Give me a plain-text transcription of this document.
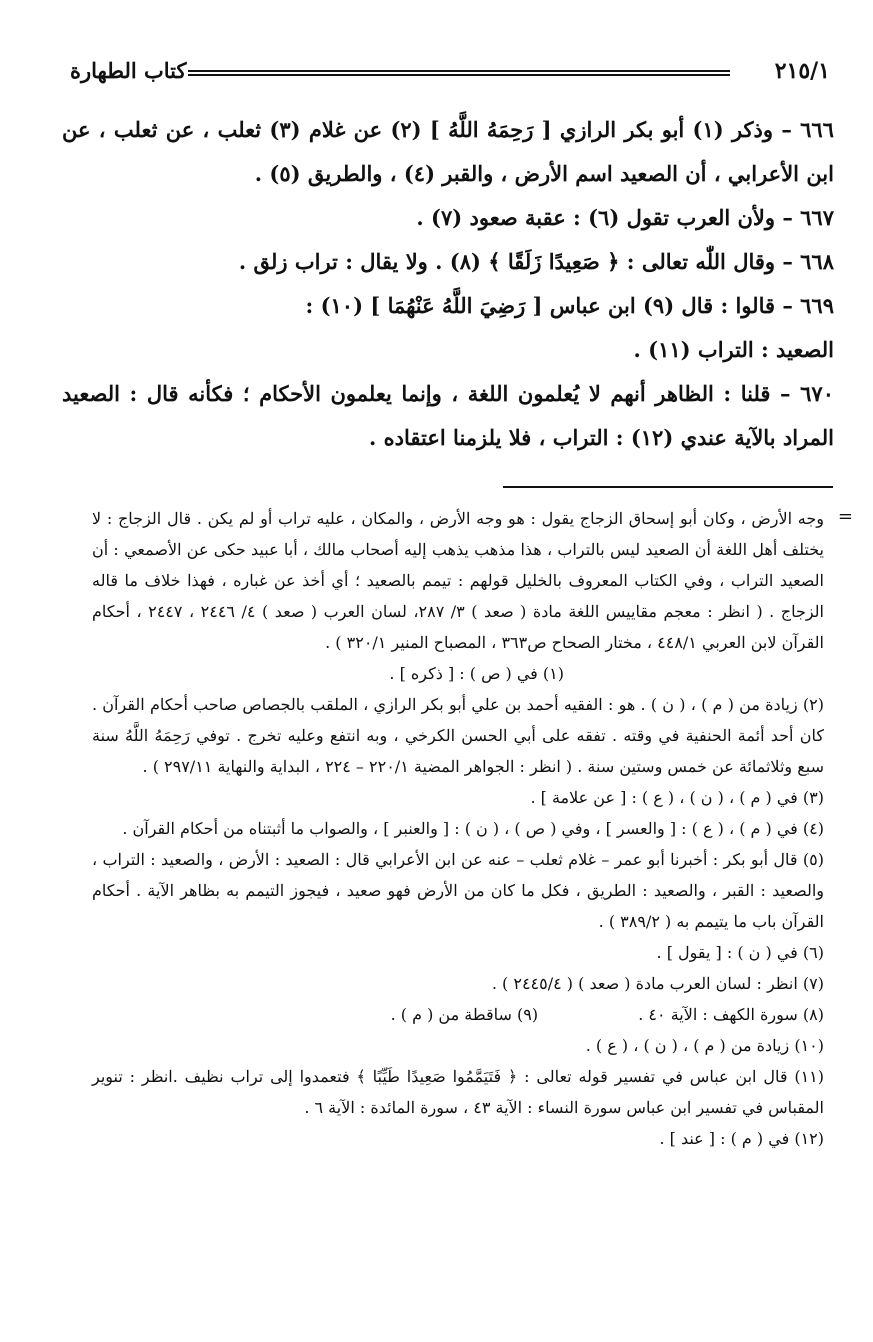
٢١٥/١
كتاب الطهارة

٦٦٦ – وذكر (١) أبو بكر الرازي [ رَحِمَهُ اللَّهُ ] (٢) عن غلام (٣) ثعلب ، عن ثعلب ، عن ابن الأعرابي ، أن الصعيد اسم الأرض ، والقبر (٤) ، والطريق (٥) .

٦٦٧ – ولأن العرب تقول (٦) : عقبة صعود (٧) .

٦٦٨ – وقال اللّٰه تعالى : ﴿ صَعِيدًا زَلَقًا ﴾ (٨) . ولا يقال : تراب زلق .

٦٦٩ – قالوا : قال (٩) ابن عباس [ رَضِيَ اللَّهُ عَنْهُمَا ] (١٠) :

الصعيد : التراب (١١) .

٦٧٠ – قلنا : الظاهر أنهم لا يُعلمون اللغة ، وإنما يعلمون الأحكام ؛ فكأنه قال : الصعيد المراد بالآية عندي (١٢) : التراب ، فلا يلزمنا اعتقاده .

=

وجه الأرض ، وكان أبو إسحاق الزجاج يقول : هو وجه الأرض ، والمكان ، عليه تراب أو لم يكن . قال الزجاج : لا يختلف أهل اللغة أن الصعيد ليس بالتراب ، هذا مذهب يذهب إليه أصحاب مالك ، أبا عبيد حكى عن الأصمعي : أن الصعيد التراب ، وفي الكتاب المعروف بالخليل قولهم : تيمم بالصعيد ؛ أي أخذ عن غباره ، فهذا خلاف ما قاله الزجاج . ( انظر : معجم مقاييس اللغة مادة ( صعد ) ٣/ ٢٨٧، لسان العرب ( صعد ) ٤/ ٢٤٤٦ ، ٢٤٤٧ ، أحكام القرآن لابن العربي ٤٤٨/١ ، مختار الصحاح ص٣٦٣ ، المصباح المنير ٣٢٠/١ ) .

(١) في ( ص ) : [ ذكره ] .

(٢) زيادة من ( م ) ، ( ن ) . هو : الفقيه أحمد بن علي أبو بكر الرازي ، الملقب بالجصاص صاحب أحكام القرآن . كان أحد أئمة الحنفية في وقته . تفقه على أبي الحسن الكرخي ، وبه انتفع وعليه تخرج . توفي رَحِمَهُ اللَّهُ سنة سبع وثلاثمائة عن خمس وستين سنة . ( انظر : الجواهر المضية ٢٢٠/١ – ٢٢٤ ، البداية والنهاية ٢٩٧/١١ ) .

(٣) في ( م ) ، ( ن ) ، ( ع ) : [ عن علامة ] .

(٤) في ( م ) ، ( ع ) : [ والعسر ] ، وفي ( ص ) ، ( ن ) : [ والعنبر ] ، والصواب ما أثبتناه من أحكام القرآن .

(٥) قال أبو بكر : أخبرنا أبو عمر – غلام ثعلب – عنه عن ابن الأعرابي قال : الصعيد : الأرض ، والصعيد : التراب ، والصعيد : القبر ، والصعيد : الطريق ، فكل ما كان من الأرض فهو صعيد ، فيجوز التيمم به بظاهر الآية . أحكام القرآن باب ما يتيمم به ( ٣٨٩/٢ ) .

(٦) في ( ن ) : [ يقول ] .

(٧) انظر : لسان العرب مادة ( صعد ) ( ٢٤٤٥/٤ ) .

(٨) سورة الكهف : الآية ٤٠ .  (٩) ساقطة من ( م ) .

(١٠) زيادة من ( م ) ، ( ن ) ، ( ع ) .

(١١) قال ابن عباس في تفسير قوله تعالى : ﴿ فَتَيَمَّمُوا صَعِيدًا طَيِّبًا ﴾ فتعمدوا إلى تراب نظيف .انظر : تنوير المقباس في تفسير ابن عباس سورة النساء : الآية ٤٣ ، سورة المائدة : الآية ٦ .

(١٢) في ( م ) : [ عند ] .
